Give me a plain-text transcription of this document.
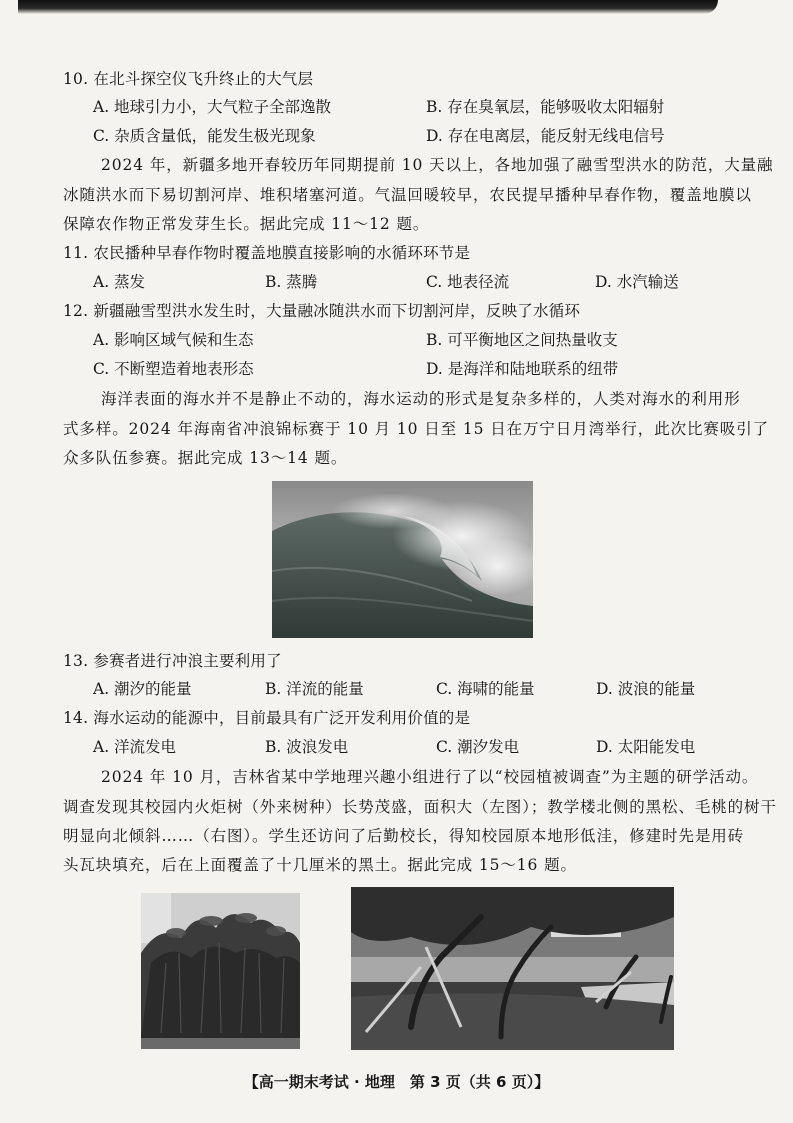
10. 在北斗探空仪飞升终止的大气层
A. 地球引力小，大气粒子全部逸散	B. 存在臭氧层，能够吸收太阳辐射
C. 杂质含量低，能发生极光现象	D. 存在电离层，能反射无线电信号
2024 年，新疆多地开春较历年同期提前 10 天以上，各地加强了融雪型洪水的防范，大量融
冰随洪水而下易切割河岸、堆积堵塞河道。气温回暖较早，农民提早播种早春作物，覆盖地膜以
保障农作物正常发芽生长。据此完成 11～12 题。
11. 农民播种早春作物时覆盖地膜直接影响的水循环环节是
A. 蒸发	B. 蒸腾	C. 地表径流	D. 水汽输送
12. 新疆融雪型洪水发生时，大量融冰随洪水而下切割河岸，反映了水循环
A. 影响区域气候和生态	B. 可平衡地区之间热量收支
C. 不断塑造着地表形态	D. 是海洋和陆地联系的纽带
海洋表面的海水并不是静止不动的，海水运动的形式是复杂多样的，人类对海水的利用形
式多样。2024 年海南省冲浪锦标赛于 10 月 10 日至 15 日在万宁日月湾举行，此次比赛吸引了
众多队伍参赛。据此完成 13～14 题。
13. 参赛者进行冲浪主要利用了
A. 潮汐的能量	B. 洋流的能量	C. 海啸的能量	D. 波浪的能量
14. 海水运动的能源中，目前最具有广泛开发利用价值的是
A. 洋流发电	B. 波浪发电	C. 潮汐发电	D. 太阳能发电
2024 年 10 月，吉林省某中学地理兴趣小组进行了以“校园植被调查”为主题的研学活动。
调查发现其校园内火炬树（外来树种）长势茂盛，面积大（左图）；教学楼北侧的黑松、毛桃的树干
明显向北倾斜……（右图）。学生还访问了后勤校长，得知校园原本地形低洼，修建时先是用砖
头瓦块填充，后在上面覆盖了十几厘米的黑土。据此完成 15～16 题。
【高一期末考试 · 地理　第 3 页（共 6 页）】
